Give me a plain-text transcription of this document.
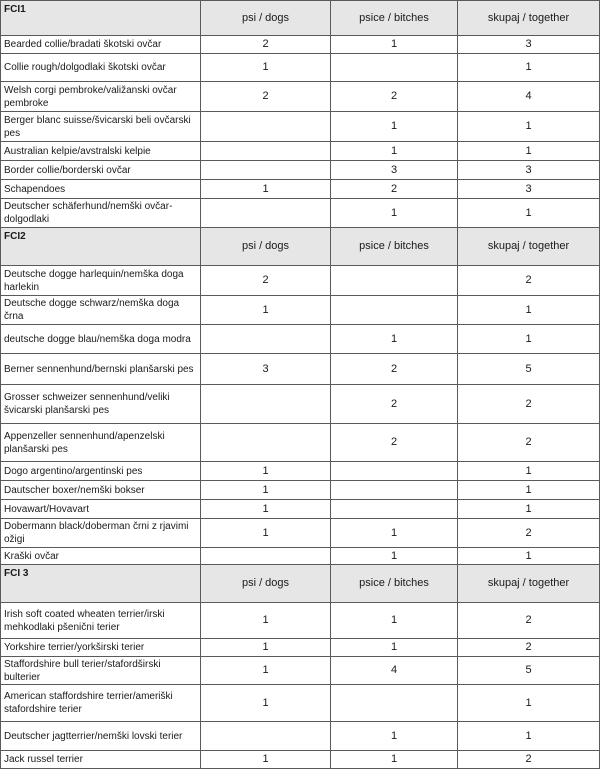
FCI1	psi / dogs	psice / bitches	skupaj / together
Bearded collie/bradati škotski ovčar	2	1	3
Collie rough/dolgodlaki škotski ovčar	1		1
Welsh corgi pembroke/valižanski ovčar pembroke	2	2	4
Berger blanc suisse/švicarski beli ovčarski pes		1	1
Australian kelpie/avstralski kelpie		1	1
Border collie/borderski ovčar		3	3
Schapendoes	1	2	3
Deutscher schäferhund/nemški ovčar-dolgodlaki		1	1
FCI2	psi / dogs	psice / bitches	skupaj / together
Deutsche dogge harlequin/nemška doga harlekin	2		2
Deutsche dogge schwarz/nemška doga črna	1		1
deutsche dogge blau/nemška doga modra		1	1
Berner sennenhund/bernski planšarski pes	3	2	5
Grosser schweizer sennenhund/veliki švicarski planšarski pes		2	2
Appenzeller sennenhund/apenzelski planšarski pes		2	2
Dogo argentino/argentinski pes	1		1
Dautscher boxer/nemški bokser	1		1
Hovawart/Hovavart	1		1
Dobermann black/doberman črni z rjavimi ožigi	1	1	2
Kraški ovčar		1	1
FCI 3	psi / dogs	psice / bitches	skupaj / together
Irish soft coated wheaten terrier/irski mehkodlaki pšenični terier	1	1	2
Yorkshire terrier/yorkširski terier	1	1	2
Staffordshire bull terier/stafordširski bulterier	1	4	5
American staffordshire terrier/ameriški stafordshire terier	1		1
Deutscher jagtterrier/nemški lovski terier		1	1
Jack russel terrier	1	1	2
